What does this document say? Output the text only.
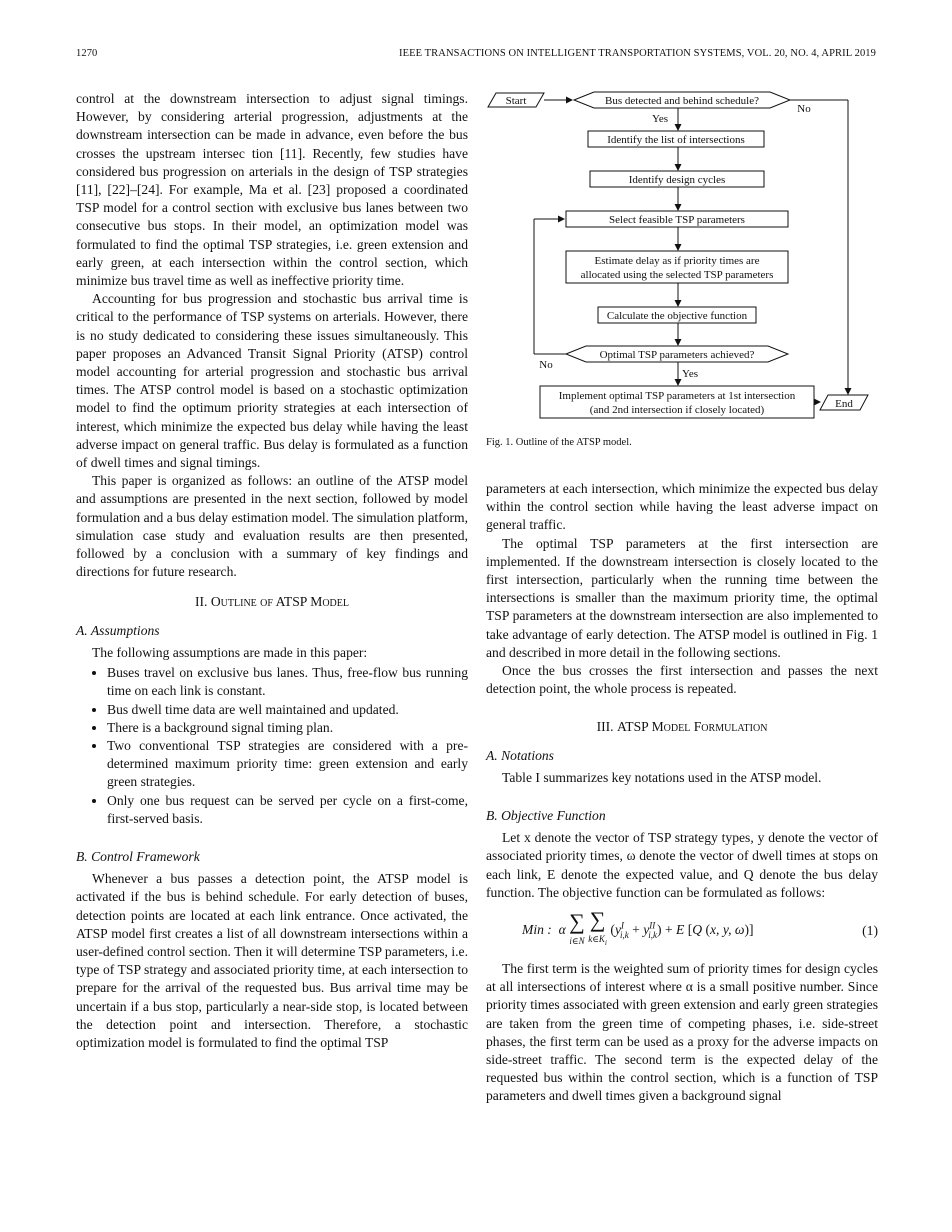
1270	IEEE TRANSACTIONS ON INTELLIGENT TRANSPORTATION SYSTEMS, VOL. 20, NO. 4, APRIL 2019

control at the downstream intersection to adjust signal timings. However, by considering arterial progression, adjustments at the downstream intersection can be made in advance, even before the bus crosses the upstream intersec tion [11]. Recently, few studies have considered bus progression on arterials in the design of TSP strategies [11], [22]–[24]. For example, Ma et al. [23] proposed a coordinated TSP model for a control section with exclusive bus lanes between two consecutive bus stops. In their model, an optimization model was formulated to find the optimal TSP strategies, i.e. green extension and early green, at each intersection within the control section, which minimize bus travel time as well as ineffective priority time.

Accounting for bus progression and stochastic bus arrival time is critical to the performance of TSP systems on arterials. However, there is no study dedicated to considering these issues simultaneously. This paper proposes an Advanced Transit Signal Priority (ATSP) control model accounting for arterial progression and stochastic bus arrival times. The ATSP control model is based on a stochastic optimization model to find the optimum priority strategies at each intersection of interest, which minimize the expected bus delay while having the least adverse impact on general traffic. Bus delay is formulated as a function of dwell times and signal timings.

This paper is organized as follows: an outline of the ATSP model and assumptions are presented in the next section, followed by model formulation and a bus delay estimation model. The simulation platform, simulation case study and evaluation results are then presented, followed by a conclusion with a summary of key findings and directions for future research.

II. Outline of ATSP Model
A. Assumptions

The following assumptions are made in this paper:

• Buses travel on exclusive bus lanes. Thus, free-flow bus running time on each link is constant.
• Bus dwell time data are well maintained and updated.
• There is a background signal timing plan.
• Two conventional TSP strategies are considered with a pre-determined maximum priority time: green extension and early green strategies.
• Only one bus request can be served per cycle on a first-come, first-served basis.
B. Control Framework

Whenever a bus passes a detection point, the ATSP model is activated if the bus is behind schedule. For early detection of buses, detection points are located at each link entrance. Once activated, the ATSP model first creates a list of all downstream intersections within a user-defined control section. Then it will determine TSP parameters, i.e. type of TSP strategy and associated priority time, at each intersection to prepare for the arrival of the requested bus. Bus arrival time may be uncertain if a bus stop, particularly a near-side stop, is located between the detection point and intersection. Therefore, a stochastic optimization model is formulated to find the optimal TSP

Start	Bus detected and behind schedule?
No
Yes
Identify the list of intersections
Identify design cycles
Select feasible TSP parameters
Estimate delay as if priority times are
allocated using the selected TSP parameters
Calculate the objective function
Optimal TSP parameters achieved?
No
Yes
Implement optimal TSP parameters at 1st intersection
(and 2nd intersection if closely located)	End
Fig. 1. Outline of the ATSP model.

parameters at each intersection, which minimize the expected bus delay within the control section while having the least adverse impact on general traffic.

The optimal TSP parameters at the first intersection are implemented. If the downstream intersection is closely located to the first intersection, particularly when the running time between the intersections is smaller than the maximum priority time, the optimal TSP parameters at the downstream intersection are also implemented to take advantage of early detection. The ATSP model is outlined in Fig. 1 and described in more detail in the following sections.

Once the bus crosses the first intersection and passes the next detection point, the whole process is repeated.

III. ATSP Model Formulation
A. Notations

Table I summarizes key notations used in the ATSP model.

B. Objective Function

Let x denote the vector of TSP strategy types, y denote the vector of associated priority times, ω denote the vector of dwell times at stops on each link, E denote the expected value, and Q denote the bus delay function. The objective function can be formulated as follows:

Min :  α ∑
i∈N

∑
$k\in K_i$
$(y^I_{i,k} + y^{II}_{i,k}) + E$ [Q (x, y, ω)]	(1)

The first term is the weighted sum of priority times for design cycles at all intersections of interest where α is a small positive number. Since priority times associated with green extension and early green strategies are taken from the green time of competing phases, i.e. side-street phases, the first term can be used as a proxy for the adverse impacts on side-street traffic. The second term is the expected delay of the requested bus within the control section, which is a function of TSP parameters and dwell times given a background signal
